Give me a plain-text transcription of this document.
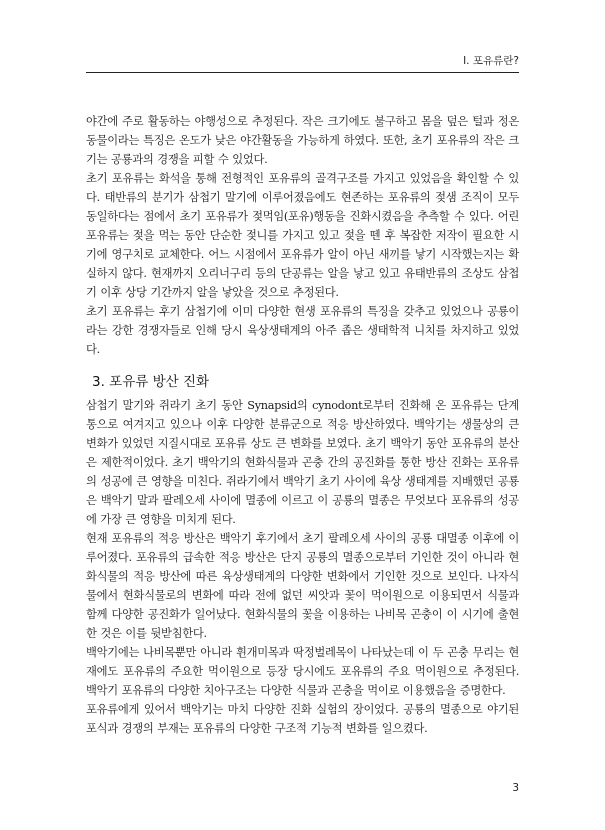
I. 포유류란?

야간에 주로 활동하는 야행성으로 추정된다. 작은 크기에도 불구하고 몸을 덮은 털과 정온동물이라는 특징은 온도가 낮은 야간활동을 가능하게 하였다. 또한, 초기 포유류의 작은 크기는 공룡과의 경쟁을 피할 수 있었다.

초기 포유류는 화석을 통해 전형적인 포유류의 골격구조를 가지고 있었음을 확인할 수 있다. 태반류의 분기가 삼첩기 말기에 이루어졌음에도 현존하는 포유류의 젖샘 조직이 모두 동일하다는 점에서 초기 포유류가 젖먹임(포유)행동을 진화시켰음을 추측할 수 있다. 어린 포유류는 젖을 먹는 동안 단순한 젖니를 가지고 있고 젖을 뗀 후 복잡한 저작이 필요한 시기에 영구치로 교체한다. 어느 시점에서 포유류가 알이 아닌 새끼를 낳기 시작했는지는 확실하지 않다. 현재까지 오리너구리 등의 단공류는 알을 낳고 있고 유태반류의 조상도 삼첩기 이후 상당 기간까지 알을 낳았을 것으로 추정된다.

초기 포유류는 후기 삼첩기에 이미 다양한 현생 포유류의 특징을 갖추고 있었으나 공룡이라는 강한 경쟁자들로 인해 당시 육상생태계의 아주 좁은 생태학적 니치를 차지하고 있었다.

3. 포유류 방산 진화

삼첩기 말기와 쥐라기 초기 동안 Synapsid의 cynodont로부터 진화해 온 포유류는 단계 통으로 여겨지고 있으나 이후 다양한 분류군으로 적응 방산하였다. 백악기는 생물상의 큰 변화가 있었던 지질시대로 포유류 상도 큰 변화를 보였다. 초기 백악기 동안 포유류의 분산은 제한적이었다. 초기 백악기의 현화식물과 곤충 간의 공진화를 통한 방산 진화는 포유류의 성공에 큰 영향을 미친다. 쥐라기에서 백악기 초기 사이에 육상 생태계를 지배했던 공룡은 백악기 말과 팔레오세 사이에 멸종에 이르고 이 공룡의 멸종은 무엇보다 포유류의 성공에 가장 큰 영향을 미치게 된다.

현재 포유류의 적응 방산은 백악기 후기에서 초기 팔레오세 사이의 공룡 대멸종 이후에 이루어졌다. 포유류의 급속한 적응 방산은 단지 공룡의 멸종으로부터 기인한 것이 아니라 현화식물의 적응 방산에 따른 육상생태계의 다양한 변화에서 기인한 것으로 보인다. 나자식물에서 현화식물로의 변화에 따라 전에 없던 씨앗과 꽃이 먹이원으로 이용되면서 식물과 함께 다양한 공진화가 일어났다. 현화식물의 꽃을 이용하는 나비목 곤충이 이 시기에 출현한 것은 이를 뒷받침한다.

백악기에는 나비목뿐만 아니라 휜개미목과 딱정벌레목이 나타났는데 이 두 곤충 무리는 현재에도 포유류의 주요한 먹이원으로 등장 당시에도 포유류의 주요 먹이원으로 추정된다. 백악기 포유류의 다양한 치아구조는 다양한 식물과 곤충을 먹이로 이용했음을 증명한다.

포유류에게 있어서 백악기는 마치 다양한 진화 실험의 장이었다. 공룡의 멸종으로 야기된 포식과 경쟁의 부재는 포유류의 다양한 구조적 기능적 변화를 일으켰다.

3
